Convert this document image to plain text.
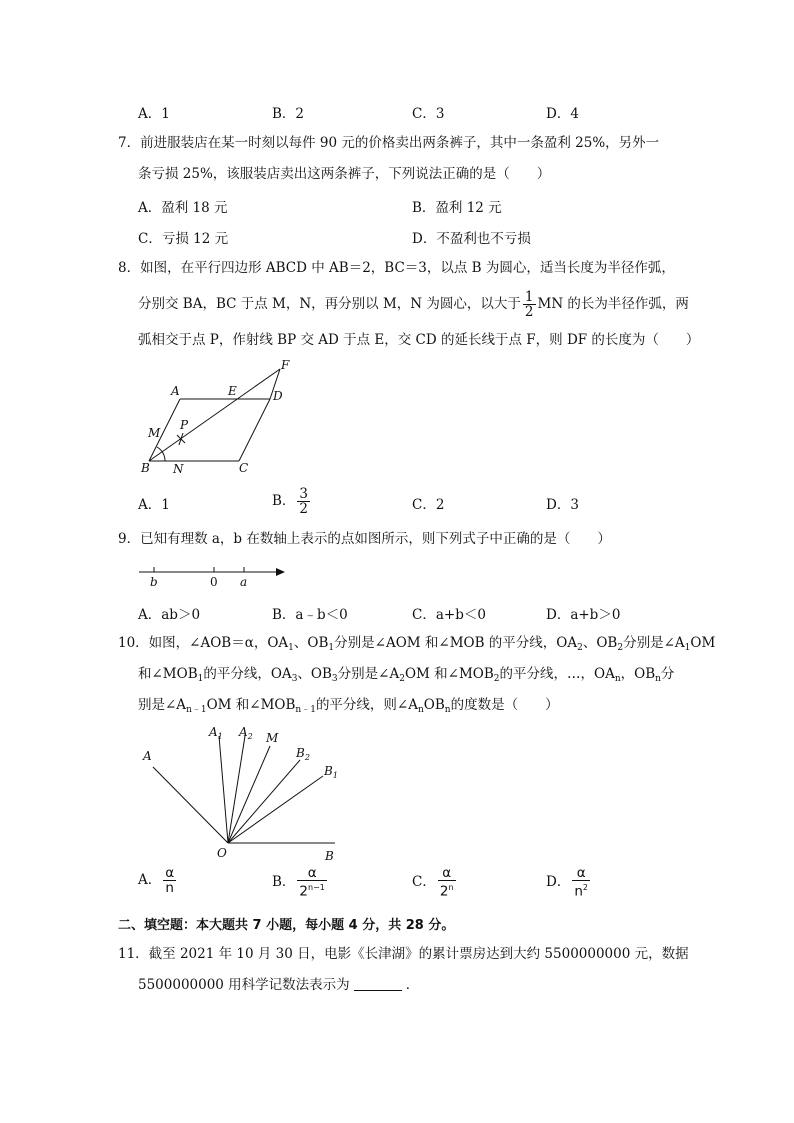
A．1	B．2	C．3	D．4
7．前进服装店在某一时刻以每件 90 元的价格卖出两条裤子，其中一条盈利 25%，另外一
条亏损 25%，该服装店卖出这两条裤子，下列说法正确的是（　　）
A．盈利 18 元	B．盈利 12 元
C．亏损 12 元	D．不盈利也不亏损
8．如图，在平行四边形 ABCD 中 AB＝2，BC＝3，以点 B 为圆心，适当长度为半径作弧，
分别交 BA，BC 于点 M，N，再分别以 M，N 为圆心，以大于 $\frac{1}{2}$ MN 的长为半径作弧，两
弧相交于点 P，作射线 BP 交 AD 于点 E，交 CD 的延长线于点 F，则 DF 的长度为（　　）
F
A	E	D
M
P
B N	C
A．1	B． $\frac{3}{2}$	C．2	D．3
9．已知有理数 a，b 在数轴上表示的点如图所示，则下列式子中正确的是（　　）
b	0 a
A．ab＞0	B．a﹣b＜0	C．a+b＜0	D．a+b＞0
10．如图，∠AOB＝α，$OA_1$、$OB_1$分别是∠AOM 和∠MOB 的平分线，$OA_2$、$OB_2$分别是$\angle A_1OM$
和$\angle MOB_1$的平分线，$OA_3$、$OB_3$分别是$\angle A_2OM$ 和$\angle MOB_2$的平分线，…，$OA_n$，$OB_n$分
别是$\angle A_{n﹣1}OM$ 和$\angle MOB_{n﹣1}$的平分线，则$\angle A_nOB_n$的度数是（　　）
A
$A_1$ $A_2$ M
$B_2$
$B_1$
O	B
A． $\frac{\alpha}{n}$	B． $\frac{\alpha}{2^{n-1}}$	C． $\frac{\alpha}{2^n}$	D． $\frac{\alpha}{n^2}$
二、填空题：本大题共 7 小题，每小题 4 分，共 28 分。
11．截至 2021 年 10 月 30 日，电影《长津湖》的累计票房达到大约 5500000000 元，数据
5500000000 用科学记数法表示为	．
